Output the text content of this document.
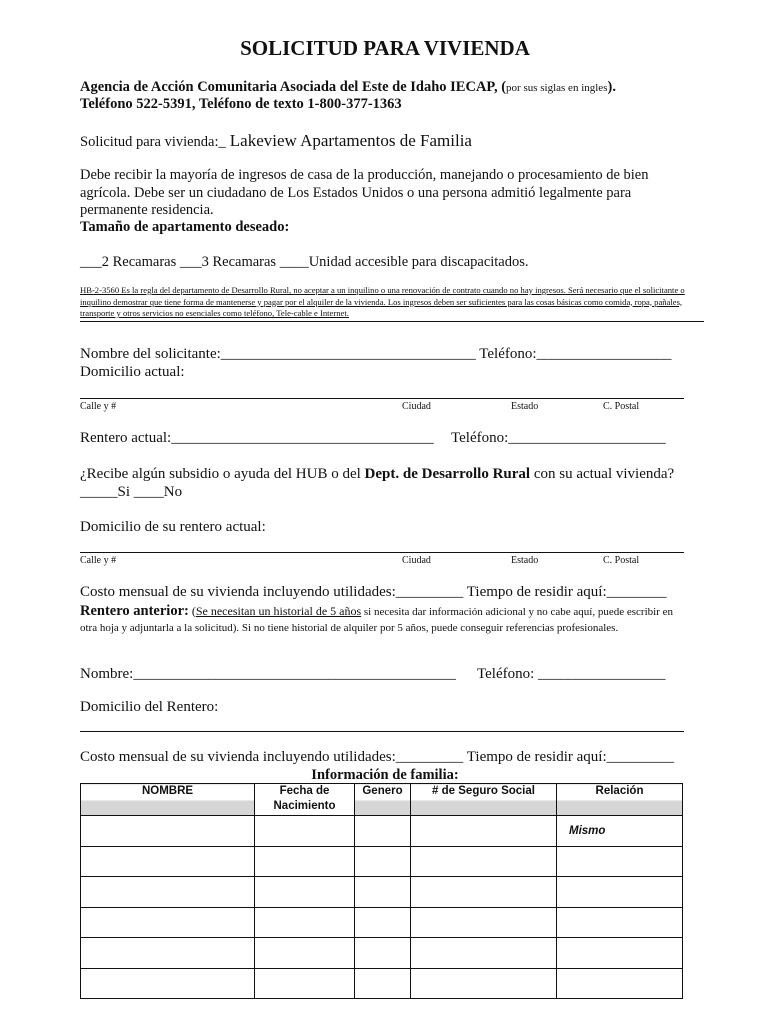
SOLICITUD PARA VIVIENDA
Agencia de Acción Comunitaria Asociada del Este de Idaho IECAP, (por sus siglas en ingles).
Teléfono 522-5391, Teléfono de texto 1-800-377-1363
Solicitud para vivienda:_ Lakeview Apartamentos de Familia
Debe recibir la mayoría de ingresos de casa de la producción, manejando o procesamiento de bien
agrícola. Debe ser un ciudadano de Los Estados Unidos o una persona admitió legalmente para
permanente residencia.
Tamaño de apartamento deseado:
___2 Recamaras ___3 Recamaras ____Unidad accesible para discapacitados.
HB-2-3560 Es la regla del departamento de Desarrollo Rural, no aceptar a un inquilino o una renovación de contrato cuando no hay ingresos. Será necesario que el solicitante o inquilino demostrar que tiene forma de mantenerse y pagar por el alquiler de la vivienda. Los ingresos deben ser suficientes para las cosas básicas como comida, ropa, pañales, transporte y otros servicios no esenciales como teléfono, Tele-cable e Internet.
Nombre del solicitante:__________________________________ Teléfono:__________________
Domicilio actual:
Calle y #	Ciudad	Estado	C. Postal
Rentero actual:___________________________________ Teléfono:_____________________
¿Recibe algún subsidio o ayuda del HUB o del Dept. de Desarrollo Rural con su actual vivienda?
_____Si ____No
Domicilio de su rentero actual:
Calle y #	Ciudad	Estado	C. Postal
Costo mensual de su vivienda incluyendo utilidades:_________ Tiempo de residir aquí:________
Rentero anterior: (Se necesitan un historial de 5 años si necesita dar información adicional y no cabe aquí, puede escribir en otra hoja y adjuntarla a la solicitud). Si no tiene historial de alquiler por 5 años, puede conseguir referencias profesionales.
Nombre:___________________________________________ Teléfono: _________________
Domicilio del Rentero:
Costo mensual de su vivienda incluyendo utilidades:_________ Tiempo de residir aquí:_________
Información de familia:
NOMBRE	Fecha de Nacimiento	Genero	# de Seguro Social	Relación
				Mismo
